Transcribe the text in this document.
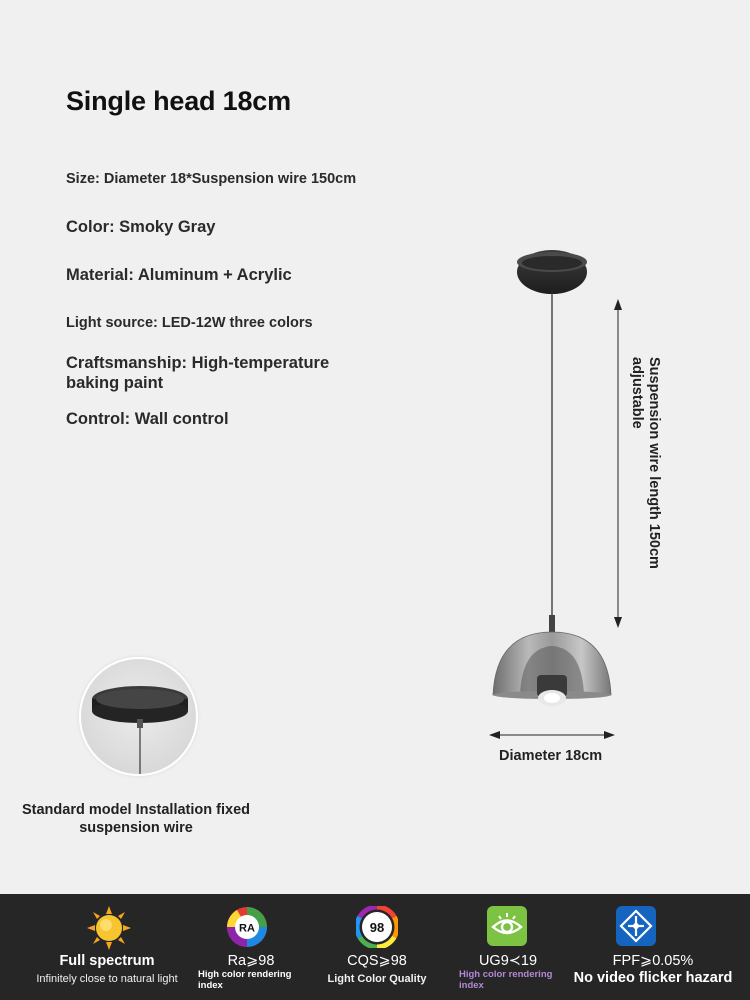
Single head 18cm
Size: Diameter 18*Suspension wire 150cm
Color: Smoky Gray
Material: Aluminum + Acrylic
Light source: LED-12W three colors
Craftsmanship: High-temperature
baking paint
Control: Wall control	Suspension wire length 150cm
adjustable
Diameter 18cm
Standard model Installation fixed
suspension wire
Full spectrum
Infinitely close to natural light
RA
Ra⩾98
High color rendering
index
98
CQS⩾98
Light Color Quality
UG9≺19
High color rendering
index
FPF⩾0.05%
No video flicker hazard
